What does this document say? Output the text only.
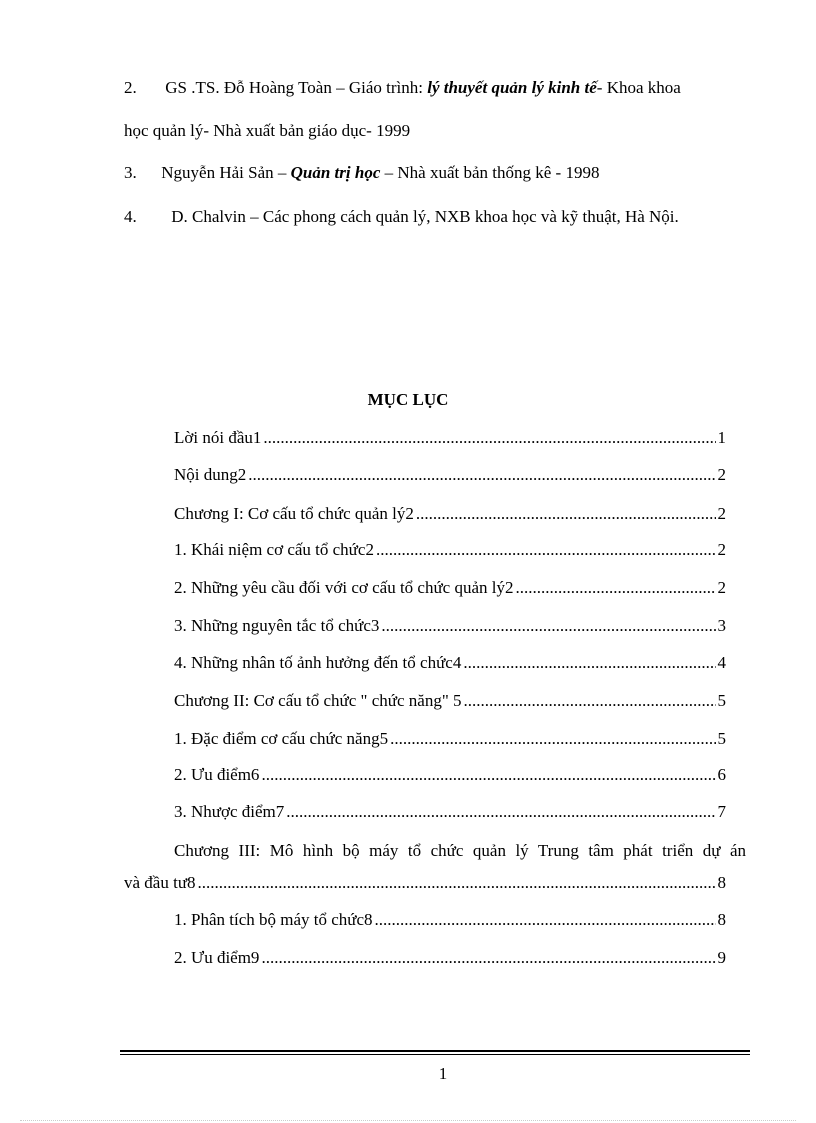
2. GS .TS. Đỗ Hoàng Toàn – Giáo trình: lý thuyết quản lý kinh tế- Khoa khoa
học quản lý- Nhà xuất bản giáo dục- 1999
3. Nguyễn Hải Sản – Quản trị học – Nhà xuất bản thống kê - 1998
4. D. Chalvin – Các phong cách quản lý, NXB khoa học và kỹ thuật, Hà Nội.
MỤC LỤC
Lời nói đầu1 .....	1
Nội dung2 .....	2
Chương I: Cơ cấu tổ chức quản lý2 .....	2
1. Khái niệm cơ cấu tổ chức2 .....	2
2. Những yêu cầu đối với cơ cấu tổ chức quản lý2 .....	2
3. Những nguyên tắc tổ chức3 .....	3
4. Những nhân tố ảnh hưởng đến tổ chức4 .....	4
Chương II: Cơ cấu tổ chức " chức năng" 5 .....	5
1. Đặc điểm cơ cấu chức năng5 .....	5
2. Ưu điểm6 .....	6
3. Nhược điểm7 .....	7
Chương III: Mô hình bộ máy tổ chức quản lý Trung tâm phát triển dự án
và đầu tư8 .....	8
1. Phân tích bộ máy tổ chức8 .....	8
2. Ưu điểm9 .....	9
1
